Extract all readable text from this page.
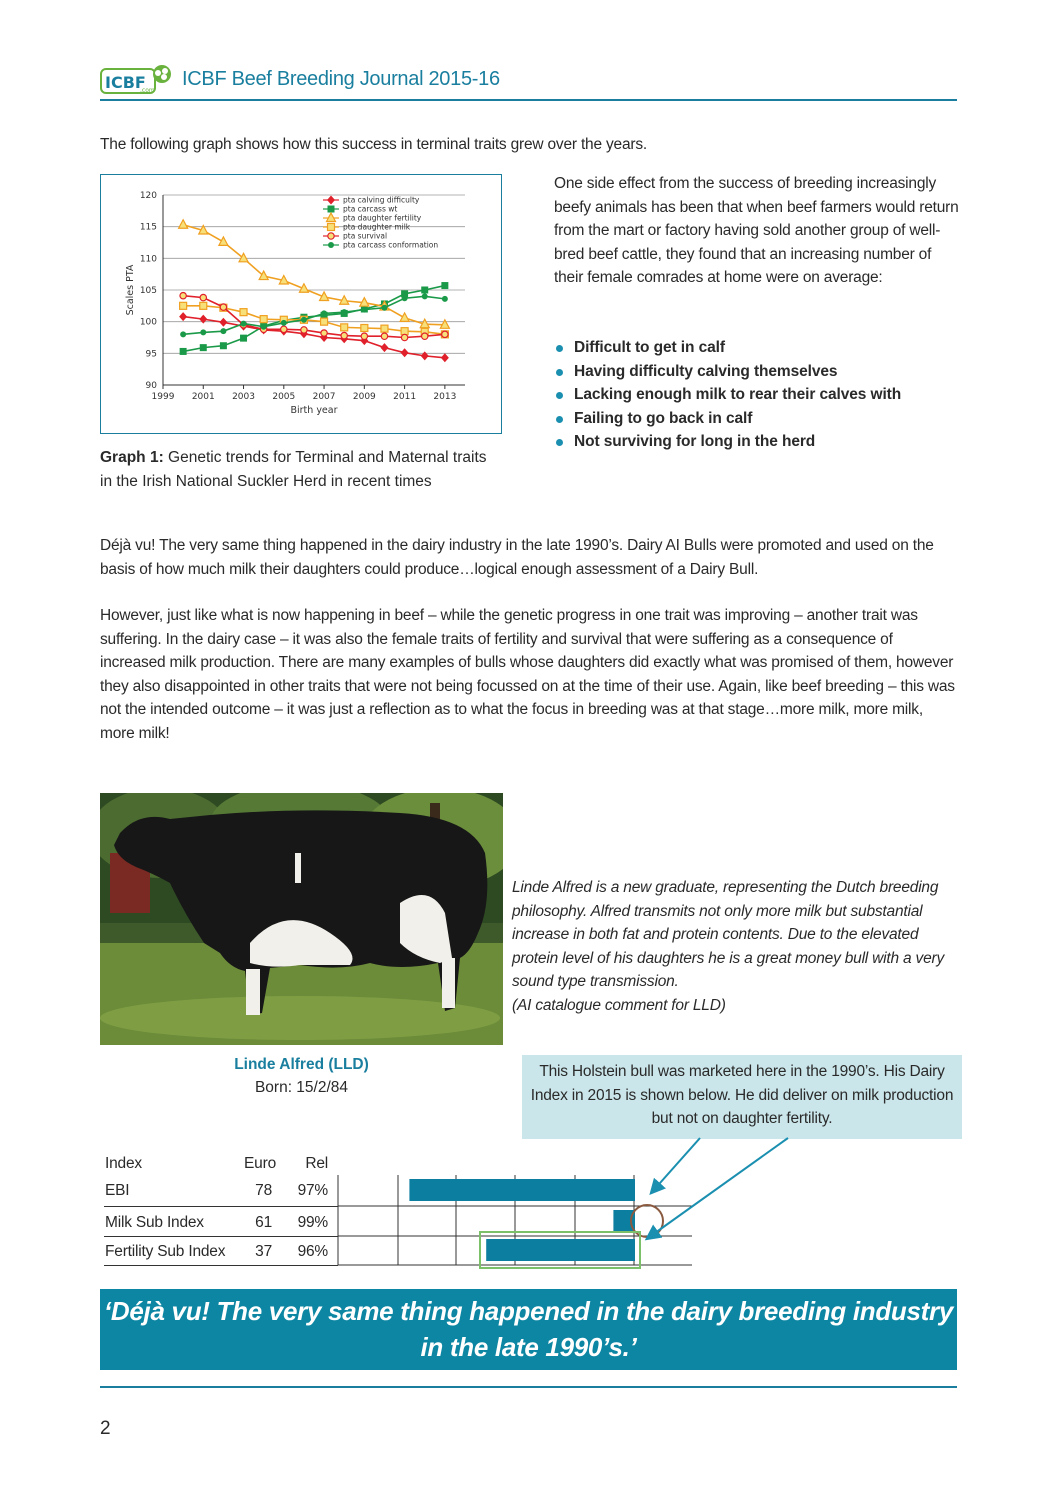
ICBF
.com
ICBF Beef Breeding Journal 2015-16
The following graph shows how this success in terminal traits grew over the years.
90
95
100
105
110
115
120
1999 2001 2003 2005 2007 2009 2011 2013
Birth year
Scales PTA
pta calving difficulty
pta carcass wt
pta daughter fertility
pta daughter milk
pta survival
pta carcass conformation
Graph 1: Genetic trends for Terminal and Maternal traits in the Irish National Suckler Herd in recent times
One side effect from the success of breeding increasingly beefy animals has been that when beef farmers would return from the mart or factory having sold another group of well-bred beef cattle, they found that an increasing number of their female comrades at home were on average:
Difficult to get in calf
Having difficulty calving themselves
Lacking enough milk to rear their calves with
Failing to go back in calf
Not surviving for long in the herd
Déjà vu! The very same thing happened in the dairy industry in the late 1990’s. Dairy AI Bulls were promoted and used on the basis of how much milk their daughters could produce…logical enough assessment of a Dairy Bull.
However, just like what is now happening in beef – while the genetic progress in one trait was improving – another trait was suffering. In the dairy case – it was also the female traits of fertility and survival that were suffering as a consequence of increased milk production. There are many examples of bulls whose daughters did exactly what was promised of them, however they also disappointed in other traits that were not being focussed on at the time of their use. Again, like beef breeding – this was not the intended outcome – it was just a reflection as to what the focus in breeding was at that stage…more milk, more milk, more milk!
Linde Alfred is a new graduate, representing the Dutch breeding philosophy. Alfred transmits not only more milk but substantial increase in both fat and protein contents. Due to the elevated protein level of his daughters he is a great money bull with a very sound type transmission.
(AI catalogue comment for LLD)
Linde Alfred (LLD)
Born: 15/2/84
This Holstein bull was marketed here in the 1990’s. His Dairy Index in 2015 is shown below. He did deliver on milk production but not on daughter fertility.
Index	Euro	Rel
EBI	78	97%
Milk Sub Index	61	99%
Fertility Sub Index	37	96%
‘Déjà vu! The very same thing happened in the dairy breeding industry in the late 1990’s.’
2
